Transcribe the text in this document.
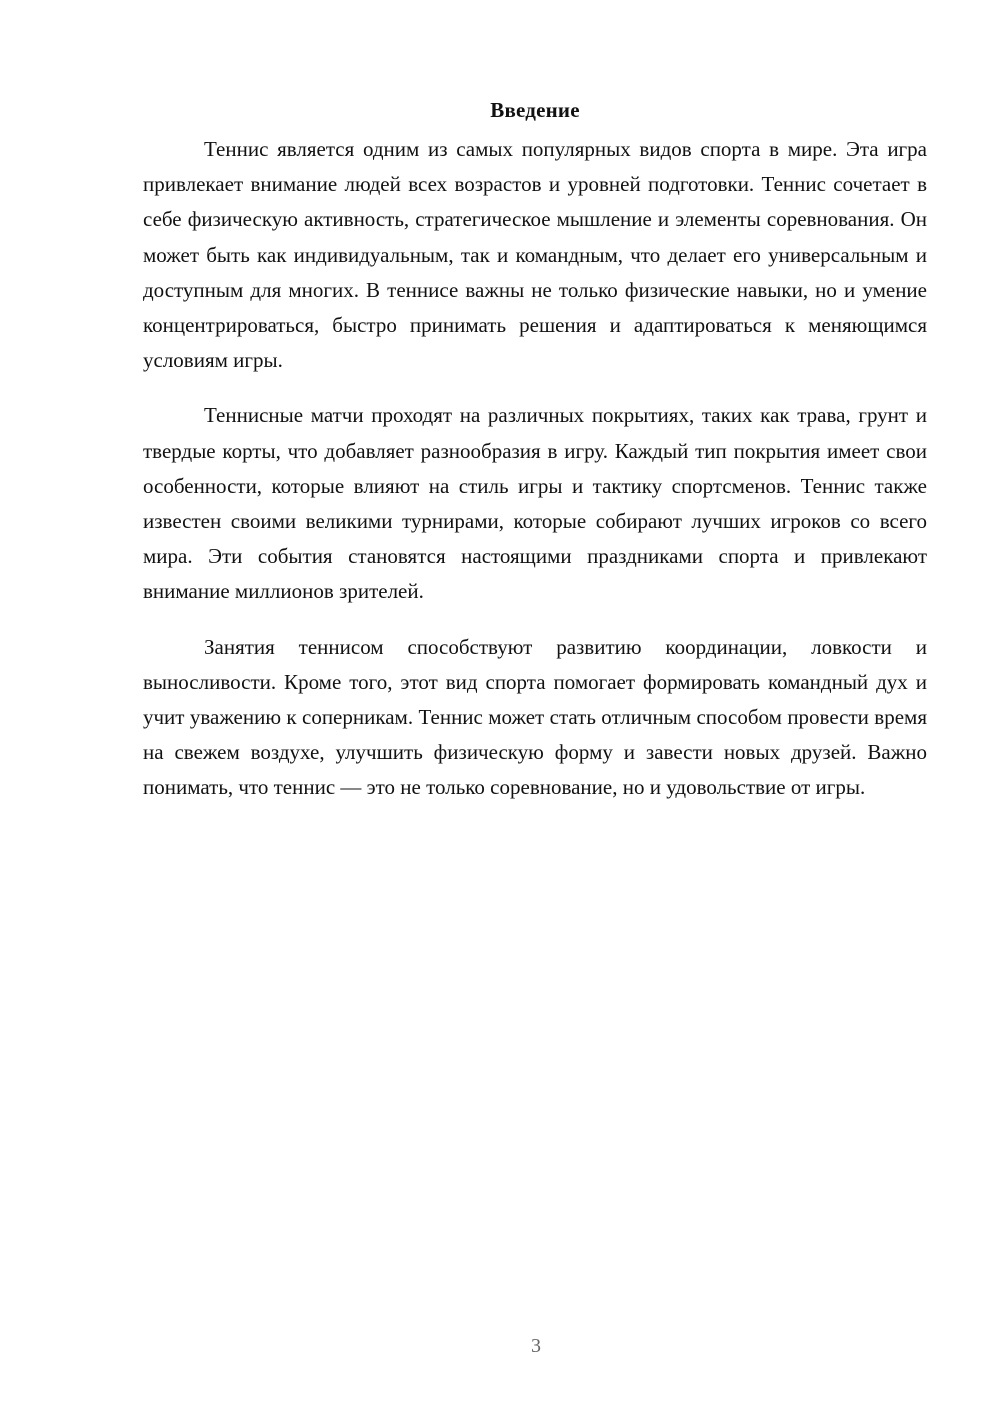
Введение

Теннис является одним из самых популярных видов спорта в мире. Эта игра привлекает внимание людей всех возрастов и уровней подготовки. Теннис сочетает в себе физическую активность, стратегическое мышление и элементы соревнования. Он может быть как индивидуальным, так и командным, что делает его универсальным и доступным для многих. В теннисе важны не только физические навыки, но и умение концентрироваться, быстро принимать решения и адаптироваться к меняющимся условиям игры.

Теннисные матчи проходят на различных покрытиях, таких как трава, грунт и твердые корты, что добавляет разнообразия в игру. Каждый тип покрытия имеет свои особенности, которые влияют на стиль игры и тактику спортсменов. Теннис также известен своими великими турнирами, которые собирают лучших игроков со всего мира. Эти события становятся настоящими праздниками спорта и привлекают внимание миллионов зрителей.

Занятия теннисом способствуют развитию координации, ловкости и выносливости. Кроме того, этот вид спорта помогает формировать командный дух и учит уважению к соперникам. Теннис может стать отличным способом провести время на свежем воздухе, улучшить физическую форму и завести новых друзей. Важно понимать, что теннис — это не только соревнование, но и удовольствие от игры.

3
